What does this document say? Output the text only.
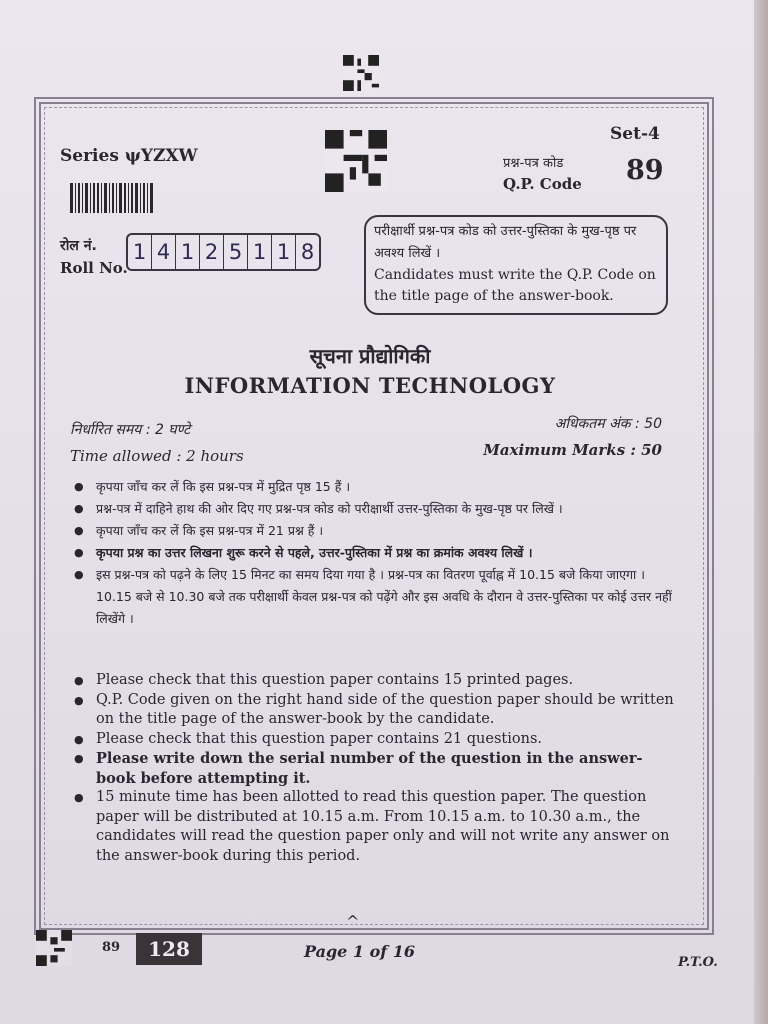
Series ψYZXW
Set-4
प्रश्न-पत्र कोड
Q.P. Code 89
रोल नं.
Roll No.
1 4 1 2 5 1 1 8
परीक्षार्थी प्रश्न-पत्र कोड को उत्तर-पुस्तिका के मुख-पृष्ठ पर अवश्य लिखें ।
Candidates must write the Q.P. Code on the title page of the answer-book.
सूचना प्रौद्योगिकी
INFORMATION TECHNOLOGY
निर्धारित समय : 2 घण्टे
Time allowed : 2 hours
अधिकतम अंक : 50
Maximum Marks : 50
● कृपया जाँच कर लें कि इस प्रश्न-पत्र में मुद्रित पृष्ठ 15 हैं ।
● प्रश्न-पत्र में दाहिने हाथ की ओर दिए गए प्रश्न-पत्र कोड को परीक्षार्थी उत्तर-पुस्तिका के मुख-पृष्ठ पर लिखें ।
● कृपया जाँच कर लें कि इस प्रश्न-पत्र में 21 प्रश्न हैं ।
● कृपया प्रश्न का उत्तर लिखना शुरू करने से पहले, उत्तर-पुस्तिका में प्रश्न का क्रमांक अवश्य लिखें ।
● इस प्रश्न-पत्र को पढ़ने के लिए 15 मिनट का समय दिया गया है । प्रश्न-पत्र का वितरण पूर्वाह्न में 10.15 बजे किया जाएगा । 10.15 बजे से 10.30 बजे तक परीक्षार्थी केवल प्रश्न-पत्र को पढ़ेंगे और इस अवधि के दौरान वे उत्तर-पुस्तिका पर कोई उत्तर नहीं लिखेंगे ।
● Please check that this question paper contains 15 printed pages.
● Q.P. Code given on the right hand side of the question paper should be written on the title page of the answer-book by the candidate.
● Please check that this question paper contains 21 questions.
● Please write down the serial number of the question in the answer-book before attempting it.
● 15 minute time has been allotted to read this question paper. The question paper will be distributed at 10.15 a.m. From 10.15 a.m. to 10.30 a.m., the candidates will read the question paper only and will not write any answer on the answer-book during this period.
^
89	128	Page 1 of 16
P.T.O.
